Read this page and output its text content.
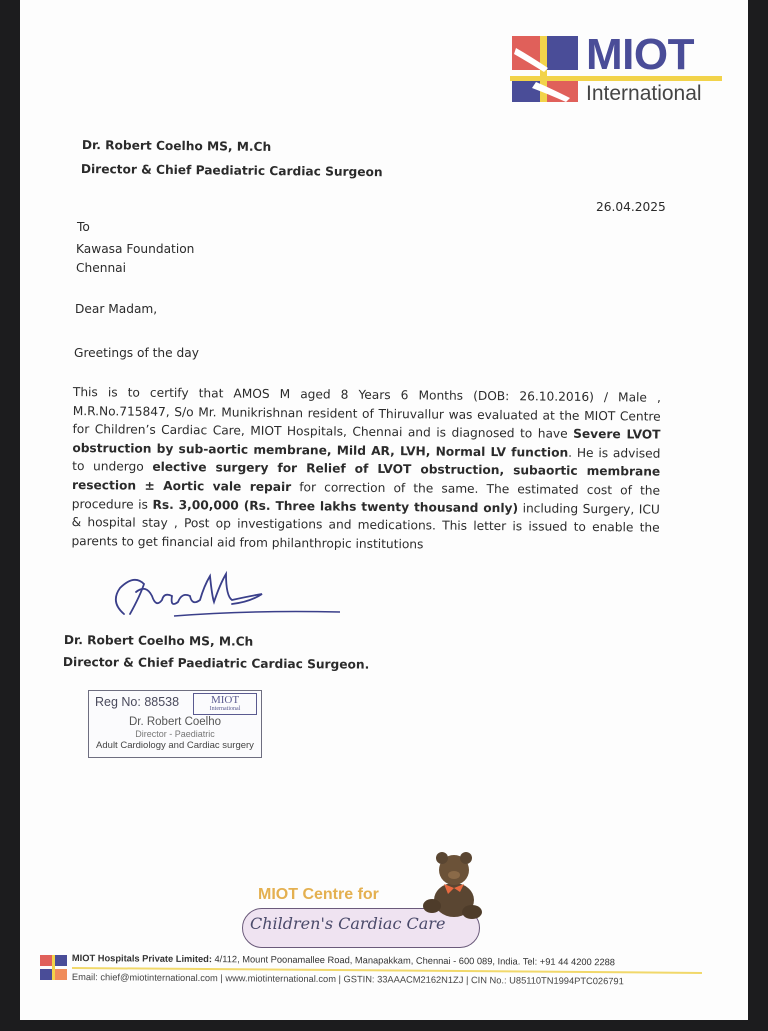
MIOT
International
Dr. Robert Coelho MS, M.Ch
Director & Chief Paediatric Cardiac Surgeon
26.04.2025
To
Kawasa Foundation
Chennai
Dear Madam,
Greetings of the day
This is to certify that AMOS M aged 8 Years 6 Months (DOB: 26.10.2016) / Male , M.R.No.715847, S/o Mr. Munikrishnan resident of Thiruvallur was evaluated at the MIOT Centre for Children’s Cardiac Care, MIOT Hospitals, Chennai and is diagnosed to have Severe LVOT obstruction by sub-aortic membrane, Mild AR, LVH, Normal LV function. He is advised to undergo elective surgery for Relief of LVOT obstruction, subaortic membrane resection ± Aortic vale repair for correction of the same. The estimated cost of the procedure is Rs. 3,00,000 (Rs. Three lakhs twenty thousand only) including Surgery, ICU & hospital stay , Post op investigations and medications. This letter is issued to enable the parents to get financial aid from philanthropic institutions
Dr. Robert Coelho MS, M.Ch
Director & Chief Paediatric Cardiac Surgeon.
Reg No: 88538	MIOT
International
Dr. Robert Coelho
Director - Paediatric
Adult Cardiology and Cardiac surgery
MIOT Centre for
Children's Cardiac Care
MIOT Hospitals Private Limited: 4/112, Mount Poonamallee Road, Manapakkam, Chennai - 600 089, India. Tel: +91 44 4200 2288
Email: chief@miotinternational.com | www.miotinternational.com | GSTIN: 33AAACM2162N1ZJ | CIN No.: U85110TN1994PTC026791
